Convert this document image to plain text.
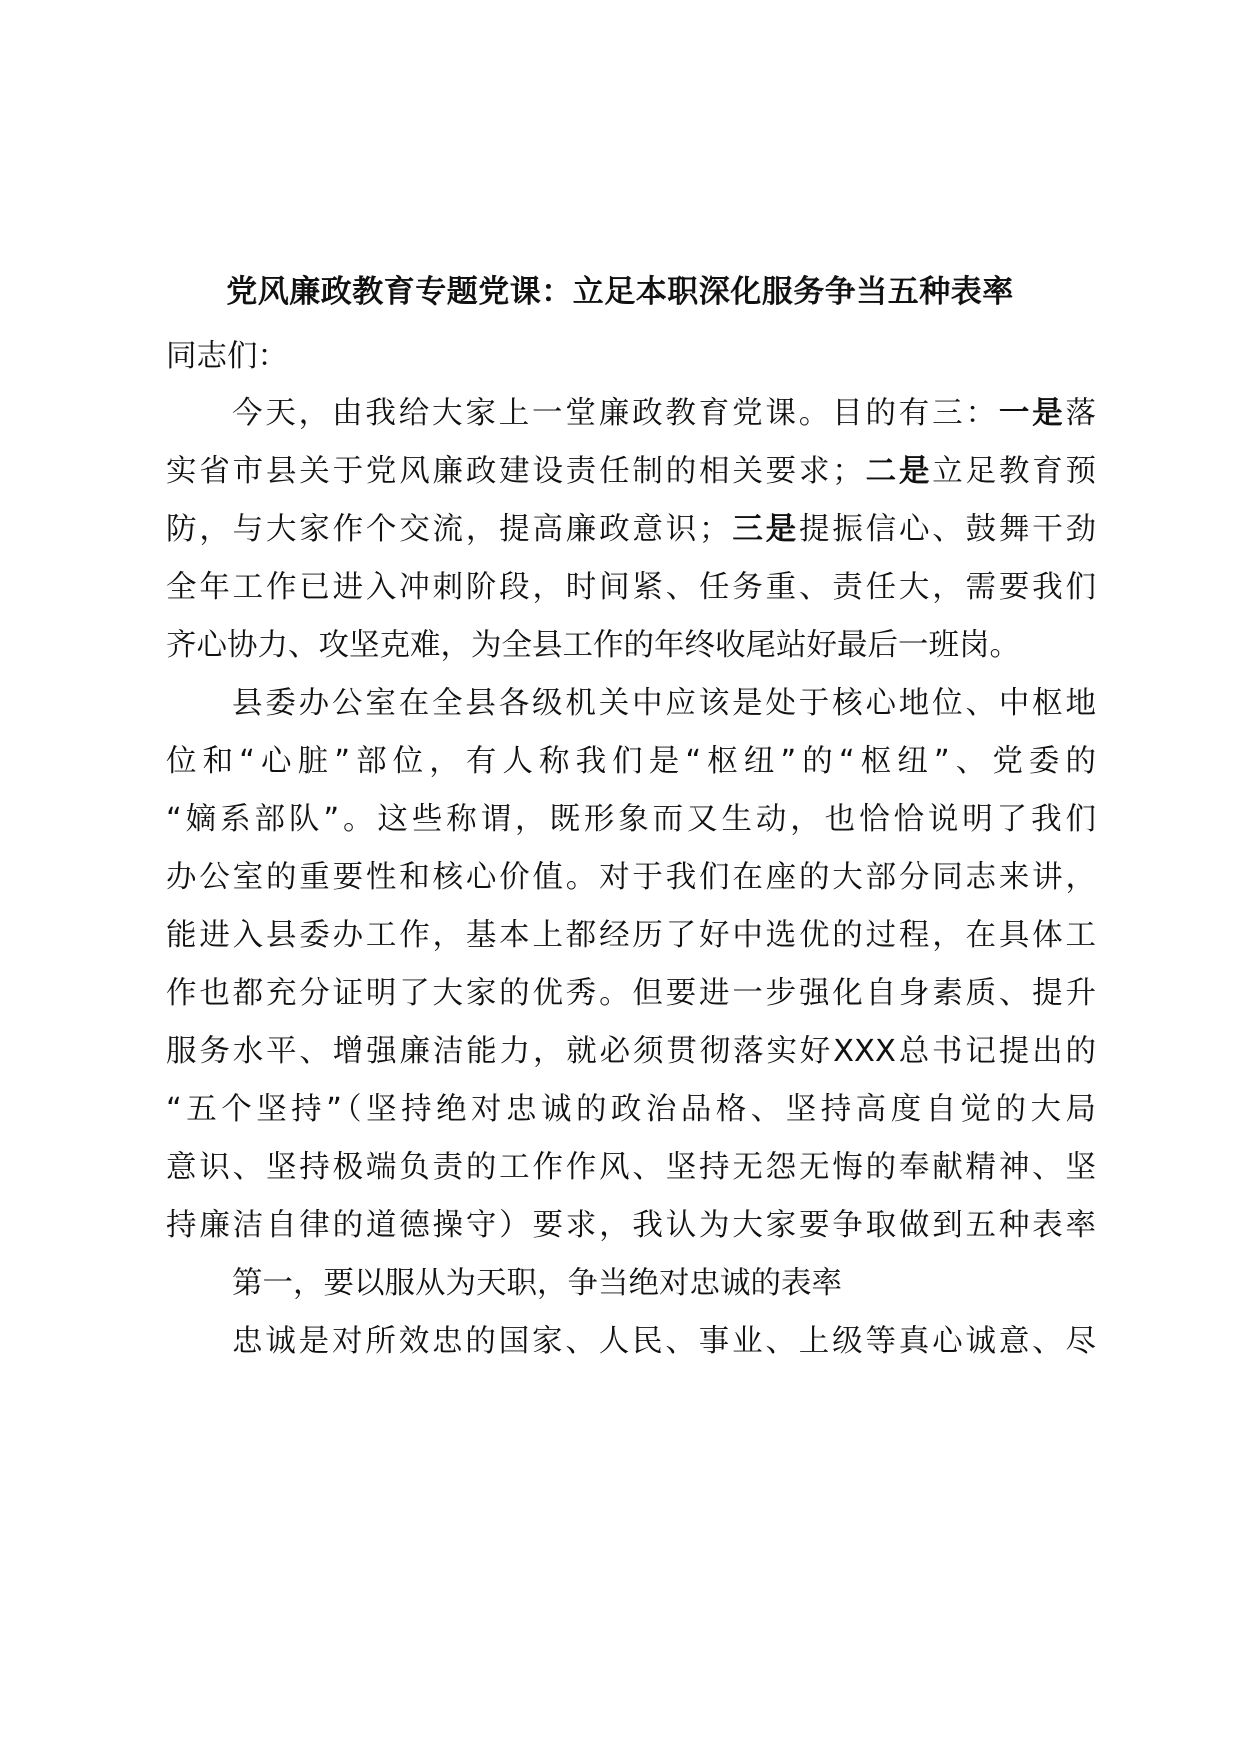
党风廉政教育专题党课：立足本职深化服务争当五种表率
同志们：
今天，由我给大家上一堂廉政教育党课。目的有三：一是落
实省市县关于党风廉政建设责任制的相关要求；二是立足教育预
防，与大家作个交流，提高廉政意识；三是提振信心、鼓舞干劲
全年工作已进入冲刺阶段，时间紧、任务重、责任大，需要我们
齐心协力、攻坚克难，为全县工作的年终收尾站好最后一班岗。
县委办公室在全县各级机关中应该是处于核心地位、中枢地
位和“心脏”部位，有人称我们是“枢纽”的“枢纽”、党委的
“嫡系部队”。这些称谓，既形象而又生动，也恰恰说明了我们
办公室的重要性和核心价值。对于我们在座的大部分同志来讲，
能进入县委办工作，基本上都经历了好中选优的过程，在具体工
作也都充分证明了大家的优秀。但要进一步强化自身素质、提升
服务水平、增强廉洁能力，就必须贯彻落实好XXX总书记提出的
“五个坚持”（坚持绝对忠诚的政治品格、坚持高度自觉的大局
意识、坚持极端负责的工作作风、坚持无怨无悔的奉献精神、坚
持廉洁自律的道德操守）要求，我认为大家要争取做到五种表率
第一，要以服从为天职，争当绝对忠诚的表率
忠诚是对所效忠的国家、人民、事业、上级等真心诚意、尽
